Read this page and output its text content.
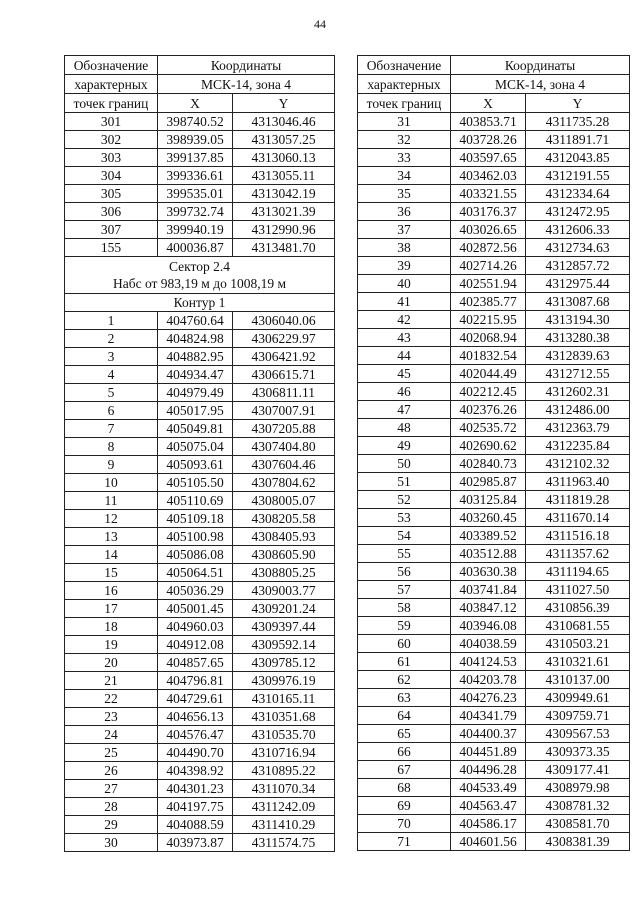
44
Обозначение	Координаты	
характерных	МСК-14, зона 4	
точек границ	X	Y
301	398740.52	4313046.46
302	398939.05	4313057.25
303	399137.85	4313060.13
304	399336.61	4313055.11
305	399535.01	4313042.19
306	399732.74	4313021.39
307	399940.19	4312990.96
155	400036.87	4313481.70

Сектор 2.4
Набс от 983,19 м до 1008,19 м		

Контур 1		
1	404760.64	4306040.06
2	404824.98	4306229.97
3	404882.95	4306421.92
4	404934.47	4306615.71
5	404979.49	4306811.11
6	405017.95	4307007.91
7	405049.81	4307205.88
8	405075.04	4307404.80
9	405093.61	4307604.46
10	405105.50	4307804.62
11	405110.69	4308005.07
12	405109.18	4308205.58
13	405100.98	4308405.93
14	405086.08	4308605.90
15	405064.51	4308805.25
16	405036.29	4309003.77
17	405001.45	4309201.24
18	404960.03	4309397.44
19	404912.08	4309592.14
20	404857.65	4309785.12
21	404796.81	4309976.19
22	404729.61	4310165.11
23	404656.13	4310351.68
24	404576.47	4310535.70
25	404490.70	4310716.94
26	404398.92	4310895.22
27	404301.23	4311070.34
28	404197.75	4311242.09
29	404088.59	4311410.29
30	403973.87	4311574.75
Обозначение	Координаты	
характерных	МСК-14, зона 4	
точек границ	X	Y
31	403853.71	4311735.28
32	403728.26	4311891.71
33	403597.65	4312043.85
34	403462.03	4312191.55
35	403321.55	4312334.64
36	403176.37	4312472.95
37	403026.65	4312606.33
38	402872.56	4312734.63
39	402714.26	4312857.72
40	402551.94	4312975.44
41	402385.77	4313087.68
42	402215.95	4313194.30
43	402068.94	4313280.38
44	401832.54	4312839.63
45	402044.49	4312712.55
46	402212.45	4312602.31
47	402376.26	4312486.00
48	402535.72	4312363.79
49	402690.62	4312235.84
50	402840.73	4312102.32
51	402985.87	4311963.40
52	403125.84	4311819.28
53	403260.45	4311670.14
54	403389.52	4311516.18
55	403512.88	4311357.62
56	403630.38	4311194.65
57	403741.84	4311027.50
58	403847.12	4310856.39
59	403946.08	4310681.55
60	404038.59	4310503.21
61	404124.53	4310321.61
62	404203.78	4310137.00
63	404276.23	4309949.61
64	404341.79	4309759.71
65	404400.37	4309567.53
66	404451.89	4309373.35
67	404496.28	4309177.41
68	404533.49	4308979.98
69	404563.47	4308781.32
70	404586.17	4308581.70
71	404601.56	4308381.39
